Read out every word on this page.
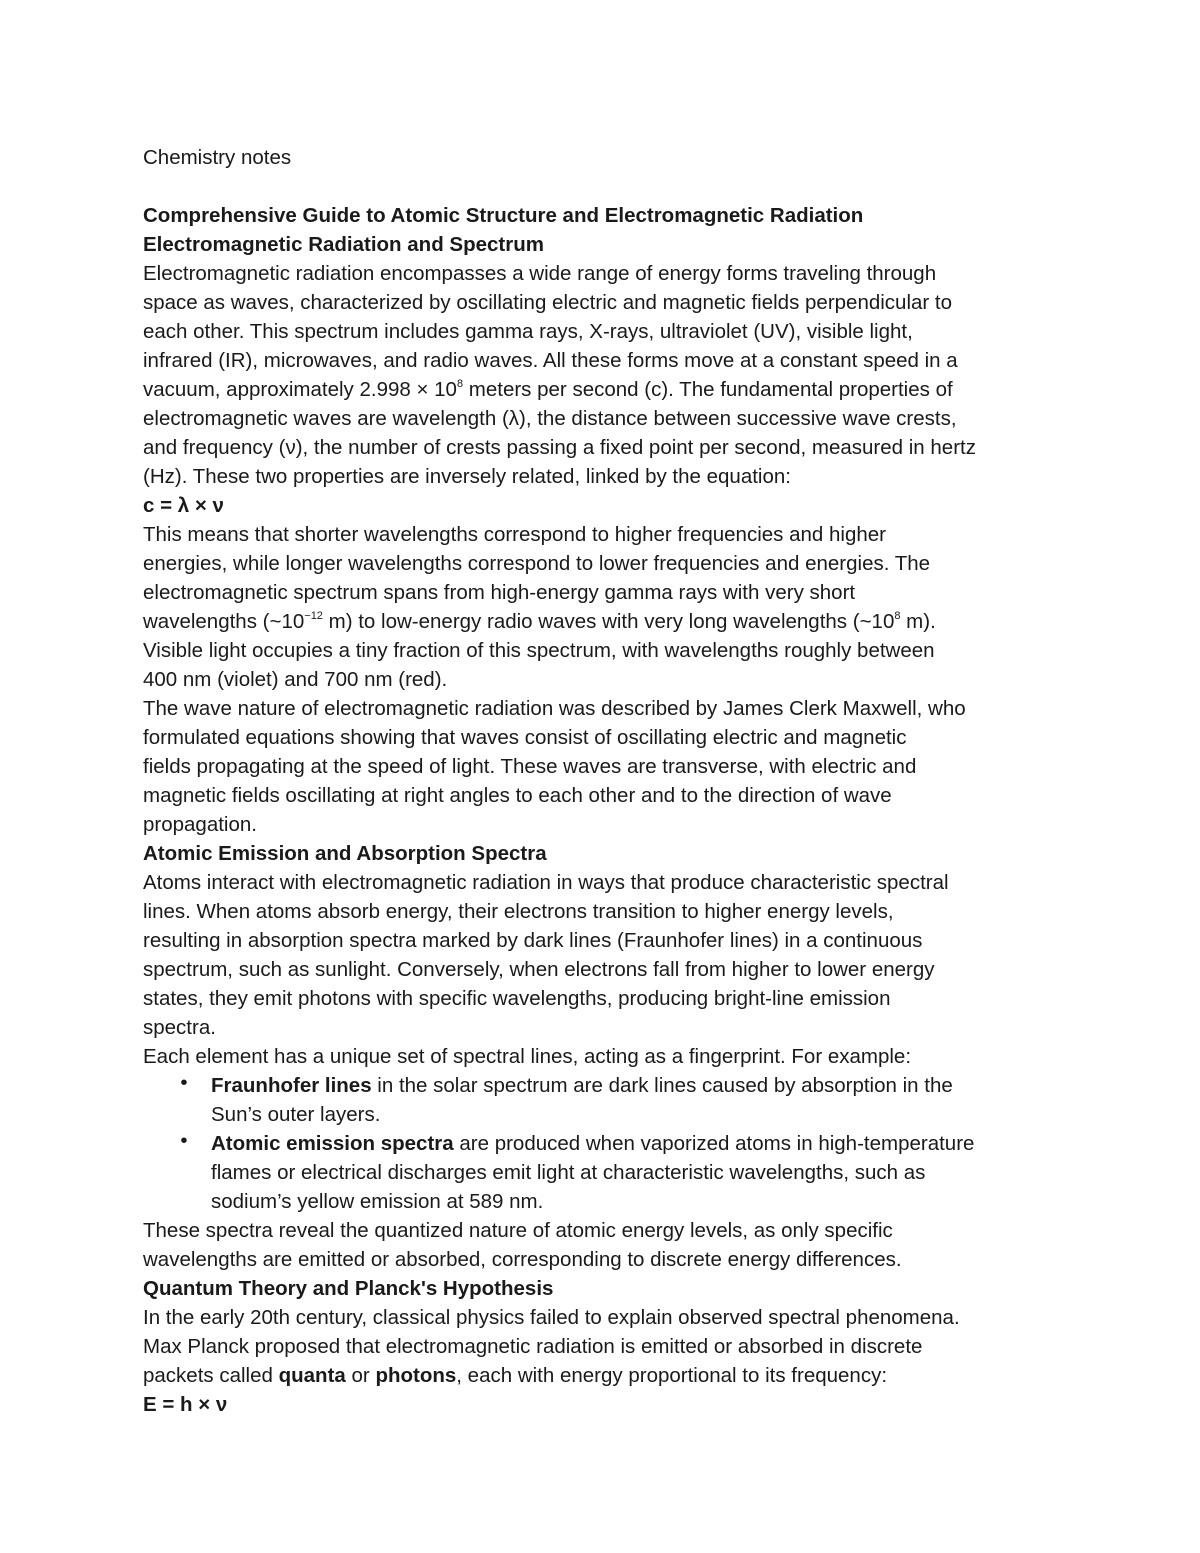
Chemistry notes
Comprehensive Guide to Atomic Structure and Electromagnetic Radiation
Electromagnetic Radiation and Spectrum
Electromagnetic radiation encompasses a wide range of energy forms traveling through
space as waves, characterized by oscillating electric and magnetic fields perpendicular to
each other. This spectrum includes gamma rays, X-rays, ultraviolet (UV), visible light,
infrared (IR), microwaves, and radio waves. All these forms move at a constant speed in a
vacuum, approximately $2.998 \times 10^8$ meters per second (c). The fundamental properties of
electromagnetic waves are wavelength (λ), the distance between successive wave crests,
and frequency (ν), the number of crests passing a fixed point per second, measured in hertz
(Hz). These two properties are inversely related, linked by the equation:
c = λ × ν
This means that shorter wavelengths correspond to higher frequencies and higher
energies, while longer wavelengths correspond to lower frequencies and energies. The
electromagnetic spectrum spans from high-energy gamma rays with very short
wavelengths ($\sim 10^{-12}$ m) to low-energy radio waves with very long wavelengths ($\sim 10^8$ m).
Visible light occupies a tiny fraction of this spectrum, with wavelengths roughly between
400 nm (violet) and 700 nm (red).
The wave nature of electromagnetic radiation was described by James Clerk Maxwell, who
formulated equations showing that waves consist of oscillating electric and magnetic
fields propagating at the speed of light. These waves are transverse, with electric and
magnetic fields oscillating at right angles to each other and to the direction of wave
propagation.
Atomic Emission and Absorption Spectra
Atoms interact with electromagnetic radiation in ways that produce characteristic spectral
lines. When atoms absorb energy, their electrons transition to higher energy levels,
resulting in absorption spectra marked by dark lines (Fraunhofer lines) in a continuous
spectrum, such as sunlight. Conversely, when electrons fall from higher to lower energy
states, they emit photons with specific wavelengths, producing bright-line emission
spectra.
Each element has a unique set of spectral lines, acting as a fingerprint. For example:
• Fraunhofer lines in the solar spectrum are dark lines caused by absorption in the
Sun’s outer layers.
• Atomic emission spectra are produced when vaporized atoms in high-temperature
flames or electrical discharges emit light at characteristic wavelengths, such as
sodium’s yellow emission at 589 nm.
These spectra reveal the quantized nature of atomic energy levels, as only specific
wavelengths are emitted or absorbed, corresponding to discrete energy differences.
Quantum Theory and Planck's Hypothesis
In the early 20th century, classical physics failed to explain observed spectral phenomena.
Max Planck proposed that electromagnetic radiation is emitted or absorbed in discrete
packets called quanta or photons, each with energy proportional to its frequency:
E = h × ν
